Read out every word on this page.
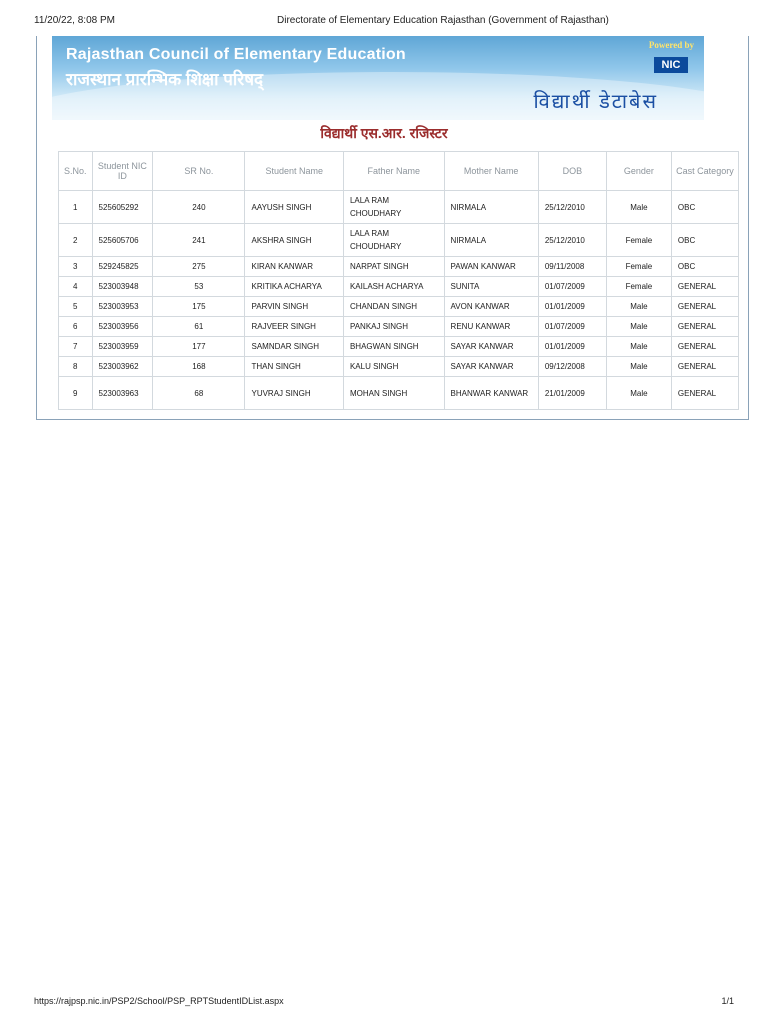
11/20/22, 8:08 PM	Directorate of Elementary Education Rajasthan (Government of Rajasthan)
Rajasthan Council of Elementary Education
राजस्थान प्रारम्भिक शिक्षा परिषद्
Powered by
NIC
विद्यार्थी डेटाबेस
विद्यार्थी एस.आर. रजिस्टर
S.No.	Student NIC ID	SR No.	Student Name	Father Name	Mother Name	DOB	Gender	Cast Category
1	525605292	240	AAYUSH SINGH	LALA RAM CHOUDHARY	NIRMALA	25/12/2010	Male	OBC
2	525605706	241	AKSHRA SINGH	LALA RAM CHOUDHARY	NIRMALA	25/12/2010	Female	OBC
3	529245825	275	KIRAN KANWAR	NARPAT SINGH	PAWAN KANWAR	09/11/2008	Female	OBC
4	523003948	53	KRITIKA ACHARYA	KAILASH ACHARYA	SUNITA	01/07/2009	Female	GENERAL
5	523003953	175	PARVIN SINGH	CHANDAN SINGH	AVON KANWAR	01/01/2009	Male	GENERAL
6	523003956	61	RAJVEER SINGH	PANKAJ SINGH	RENU KANWAR	01/07/2009	Male	GENERAL
7	523003959	177	SAMNDAR SINGH	BHAGWAN SINGH	SAYAR KANWAR	01/01/2009	Male	GENERAL
8	523003962	168	THAN SINGH	KALU SINGH	SAYAR KANWAR	09/12/2008	Male	GENERAL
9	523003963	68	YUVRAJ SINGH	MOHAN SINGH	BHANWAR KANWAR	21/01/2009	Male	GENERAL
https://rajpsp.nic.in/PSP2/School/PSP_RPTStudentIDList.aspx	1/1
